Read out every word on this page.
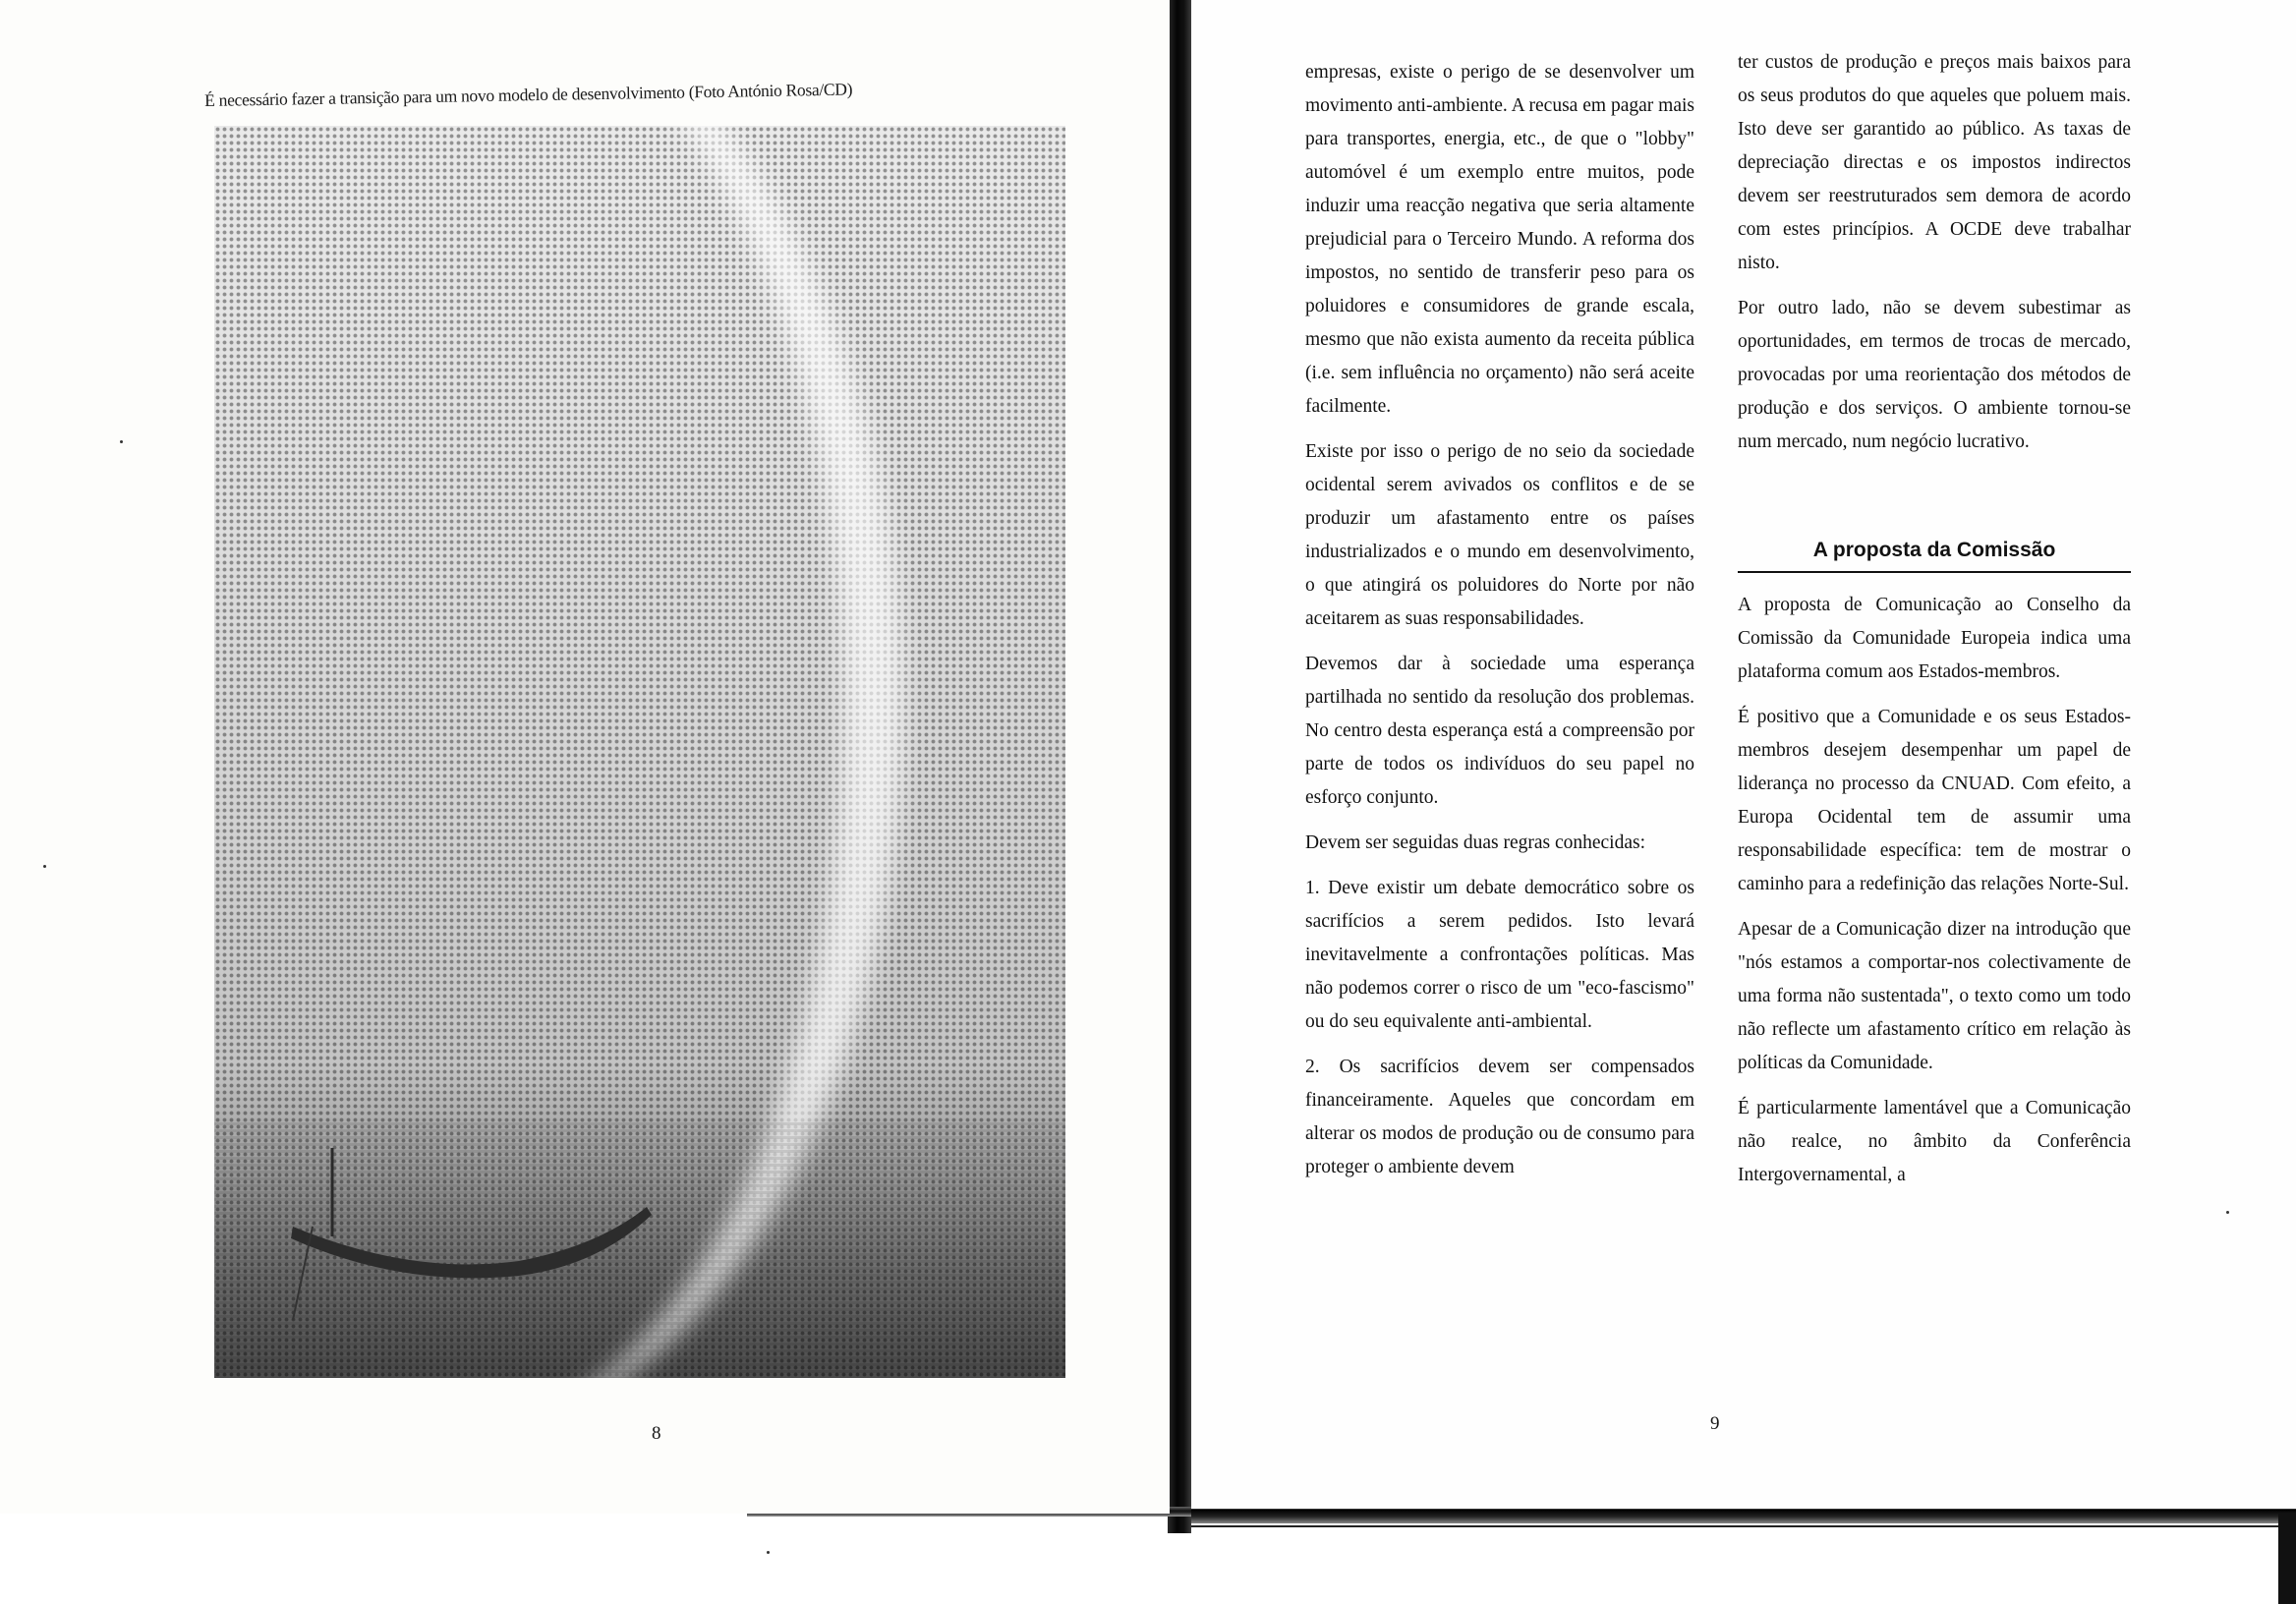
É necessário fazer a transição para um novo modelo de desenvolvimento (Foto António Rosa/CD)
8

empresas, existe o perigo de se desenvolver um movimento anti-ambiente. A recusa em pagar mais para transportes, energia, etc., de que o "lobby" automóvel é um exemplo entre muitos, pode induzir uma reacção negativa que seria altamente prejudicial para o Terceiro Mundo. A reforma dos impostos, no sentido de transferir peso para os poluidores e consumidores de grande escala, mesmo que não exista aumento da receita pública (i.e. sem influência no orçamento) não será aceite facilmente.

Existe por isso o perigo de no seio da sociedade ocidental serem avivados os conflitos e de se produzir um afastamento entre os países industrializados e o mundo em desenvolvimento, o que atingirá os poluidores do Norte por não aceitarem as suas responsabilidades.

Devemos dar à sociedade uma esperança partilhada no sentido da resolução dos problemas. No centro desta esperança está a compreensão por parte de todos os indivíduos do seu papel no esforço conjunto.

Devem ser seguidas duas regras conhecidas:

1. Deve existir um debate democrático sobre os sacrifícios a serem pedidos. Isto levará inevitavelmente a confrontações políticas. Mas não podemos correr o risco de um "eco-fascismo" ou do seu equivalente anti-ambiental.

2. Os sacrifícios devem ser compensados financeiramente. Aqueles que concordam em alterar os modos de produção ou de consumo para proteger o ambiente devem

ter custos de produção e preços mais baixos para os seus produtos do que aqueles que poluem mais. Isto deve ser garantido ao público. As taxas de depreciação directas e os impostos indirectos devem ser reestruturados sem demora de acordo com estes princípios. A OCDE deve trabalhar nisto.

Por outro lado, não se devem subestimar as oportunidades, em termos de trocas de mercado, provocadas por uma reorientação dos métodos de produção e dos serviços. O ambiente tornou-se num mercado, num negócio lucrativo.

A proposta da Comissão

A proposta de Comunicação ao Conselho da Comissão da Comunidade Europeia indica uma plataforma comum aos Estados-membros.

É positivo que a Comunidade e os seus Estados-membros desejem desempenhar um papel de liderança no processo da CNUAD. Com efeito, a Europa Ocidental tem de assumir uma responsabilidade específica: tem de mostrar o caminho para a redefinição das relações Norte-Sul.

Apesar de a Comunicação dizer na introdução que "nós estamos a comportar-nos colectivamente de uma forma não sustentada", o texto como um todo não reflecte um afastamento crítico em relação às políticas da Comunidade.

É particularmente lamentável que a Comunicação não realce, no âmbito da Conferência Intergovernamental, a

9
